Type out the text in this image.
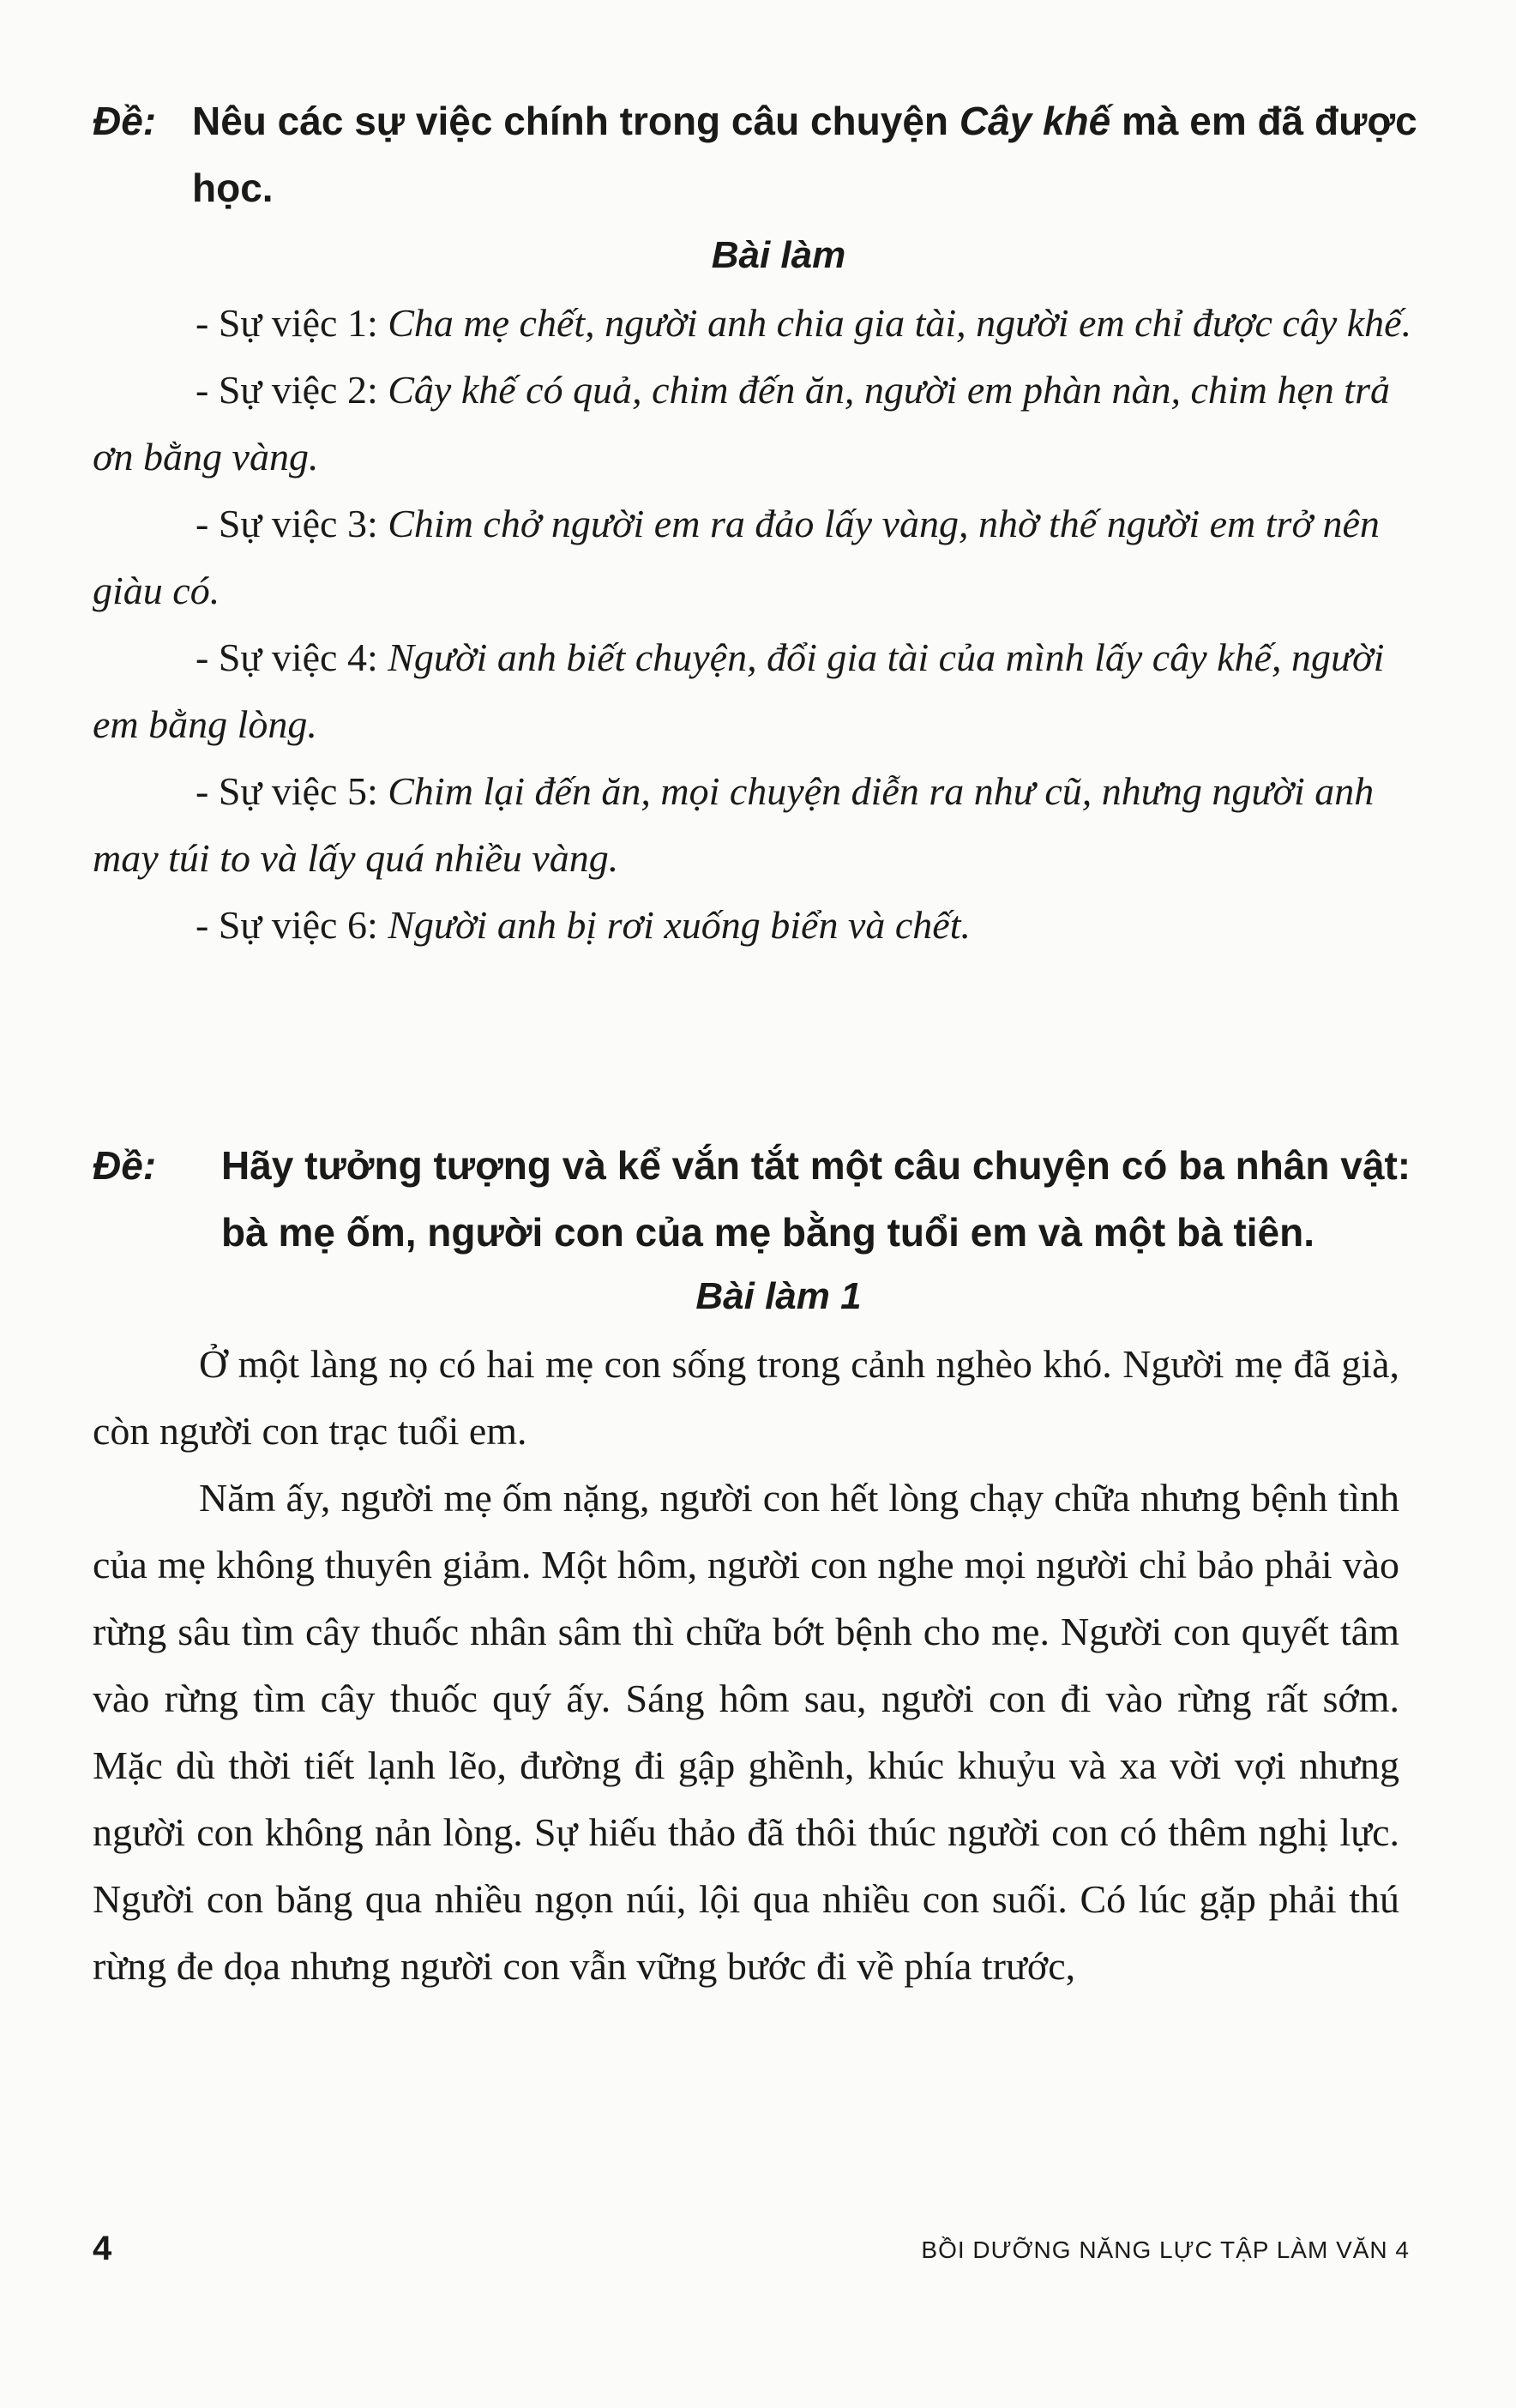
Đề: Nêu các sự việc chính trong câu chuyện Cây khế mà em đã được học.
Bài làm

- Sự việc 1: Cha mẹ chết, người anh chia gia tài, người em chỉ được cây khế.

- Sự việc 2: Cây khế có quả, chim đến ăn, người em phàn nàn, chim hẹn trả ơn bằng vàng.

- Sự việc 3: Chim chở người em ra đảo lấy vàng, nhờ thế người em trở nên giàu có.

- Sự việc 4: Người anh biết chuyện, đổi gia tài của mình lấy cây khế, người em bằng lòng.

- Sự việc 5: Chim lại đến ăn, mọi chuyện diễn ra như cũ, nhưng người anh may túi to và lấy quá nhiều vàng.

- Sự việc 6: Người anh bị rơi xuống biển và chết.

Đề:	Hãy tưởng tượng và kể vắn tắt một câu chuyện có ba nhân vật: bà mẹ ốm, người con của mẹ bằng tuổi em và một bà tiên.
Bài làm 1

Ở một làng nọ có hai mẹ con sống trong cảnh nghèo khó. Người mẹ đã già, còn người con trạc tuổi em.

Năm ấy, người mẹ ốm nặng, người con hết lòng chạy chữa nhưng bệnh tình của mẹ không thuyên giảm. Một hôm, người con nghe mọi người chỉ bảo phải vào rừng sâu tìm cây thuốc nhân sâm thì chữa bớt bệnh cho mẹ. Người con quyết tâm vào rừng tìm cây thuốc quý ấy. Sáng hôm sau, người con đi vào rừng rất sớm. Mặc dù thời tiết lạnh lẽo, đường đi gập ghềnh, khúc khuỷu và xa vời vợi nhưng người con không nản lòng. Sự hiếu thảo đã thôi thúc người con có thêm nghị lực. Người con băng qua nhiều ngọn núi, lội qua nhiều con suối. Có lúc gặp phải thú rừng đe dọa nhưng người con vẫn vững bước đi về phía trước,

4	BỒI DƯỠNG NĂNG LỰC TẬP LÀM VĂN 4
